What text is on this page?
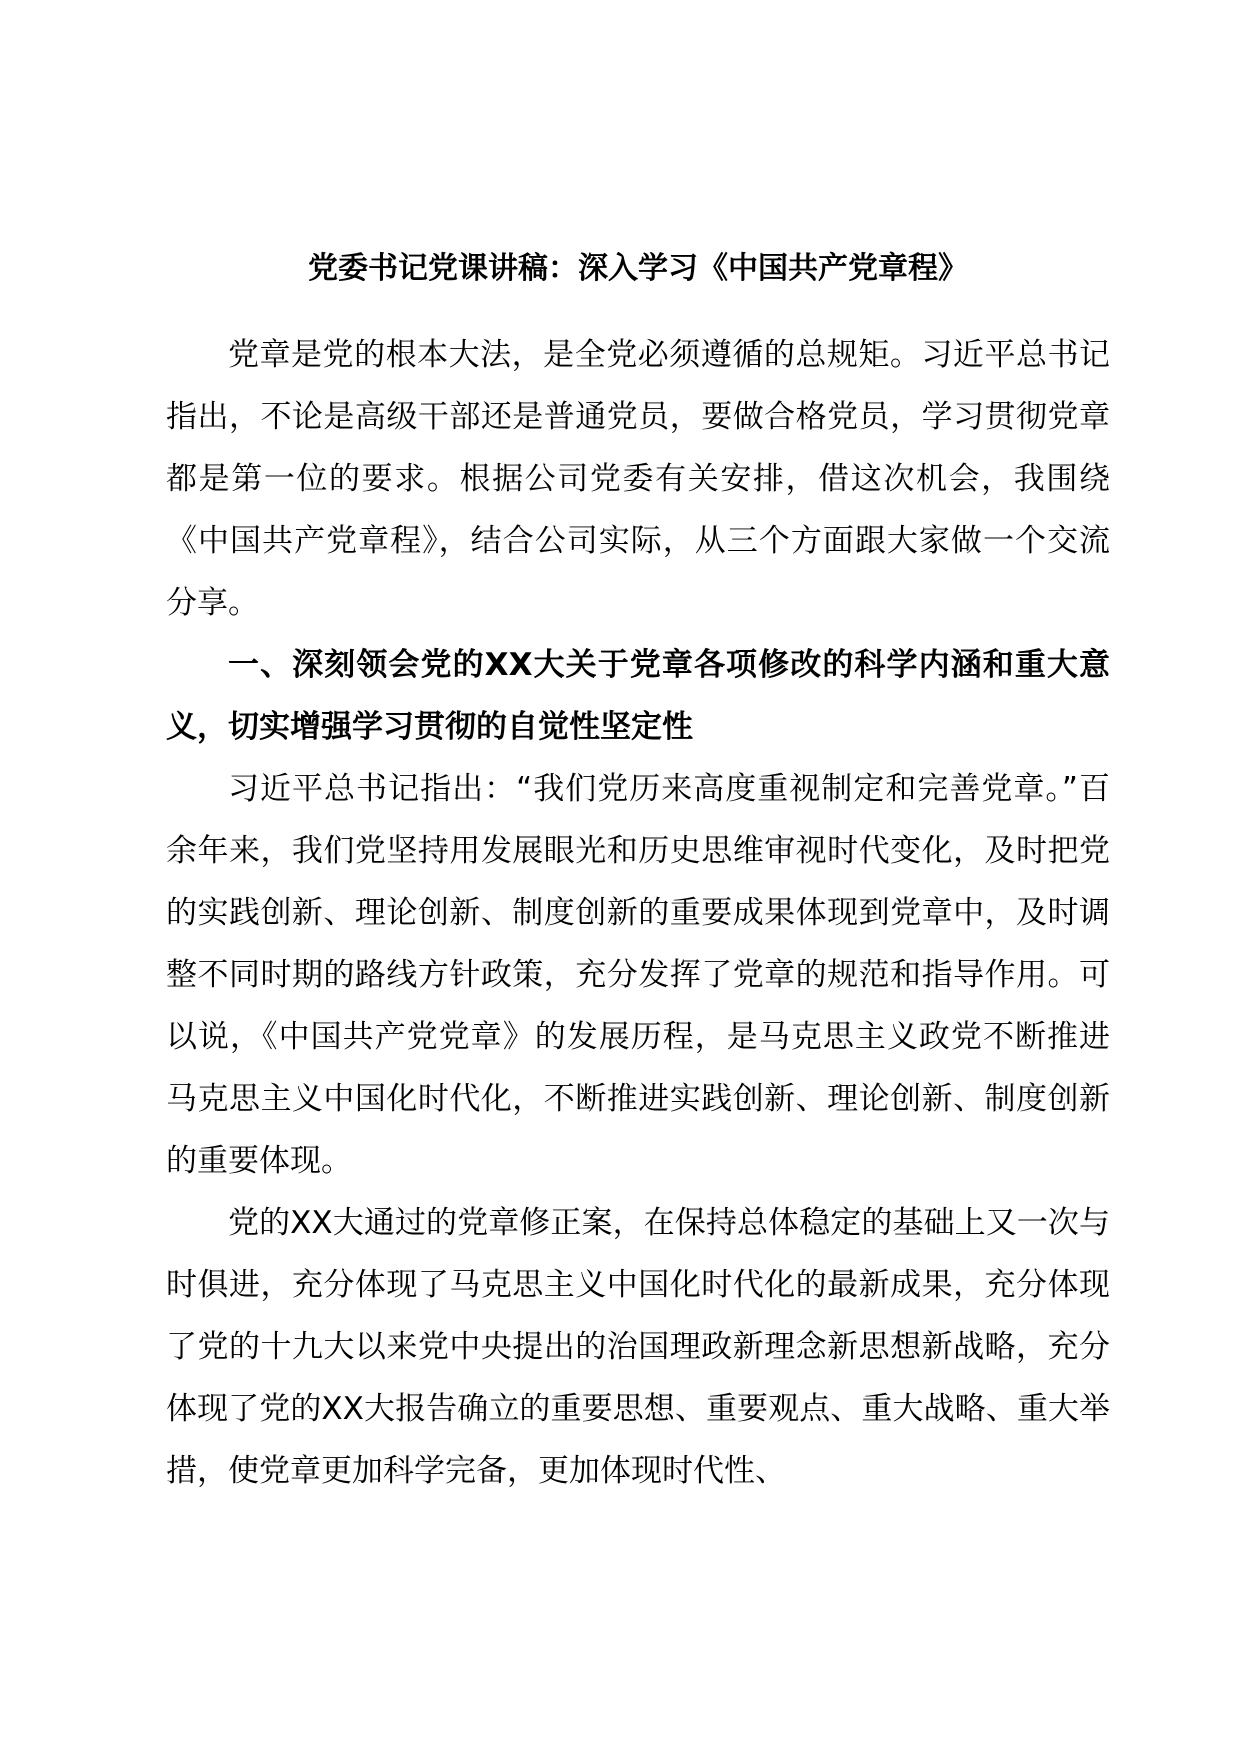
党委书记党课讲稿：深入学习《中国共产党章程》

党章是党的根本大法，是全党必须遵循的总规矩。习近平总书记指出，不论是高级干部还是普通党员，要做合格党员，学习贯彻党章都是第一位的要求。根据公司党委有关安排，借这次机会，我围绕《中国共产党章程》，结合公司实际，从三个方面跟大家做一个交流分享。

一、深刻领会党的XX大关于党章各项修改的科学内涵和重大意义，切实增强学习贯彻的自觉性坚定性

习近平总书记指出：“我们党历来高度重视制定和完善党章。”百余年来，我们党坚持用发展眼光和历史思维审视时代变化，及时把党的实践创新、理论创新、制度创新的重要成果体现到党章中，及时调整不同时期的路线方针政策，充分发挥了党章的规范和指导作用。可以说，《中国共产党党章》的发展历程，是马克思主义政党不断推进马克思主义中国化时代化，不断推进实践创新、理论创新、制度创新的重要体现。

党的XX大通过的党章修正案，在保持总体稳定的基础上又一次与时俱进，充分体现了马克思主义中国化时代化的最新成果，充分体现了党的十九大以来党中央提出的治国理政新理念新思想新战略，充分体现了党的XX大报告确立的重要思想、重要观点、重大战略、重大举措，使党章更加科学完备，更加体现时代性、
